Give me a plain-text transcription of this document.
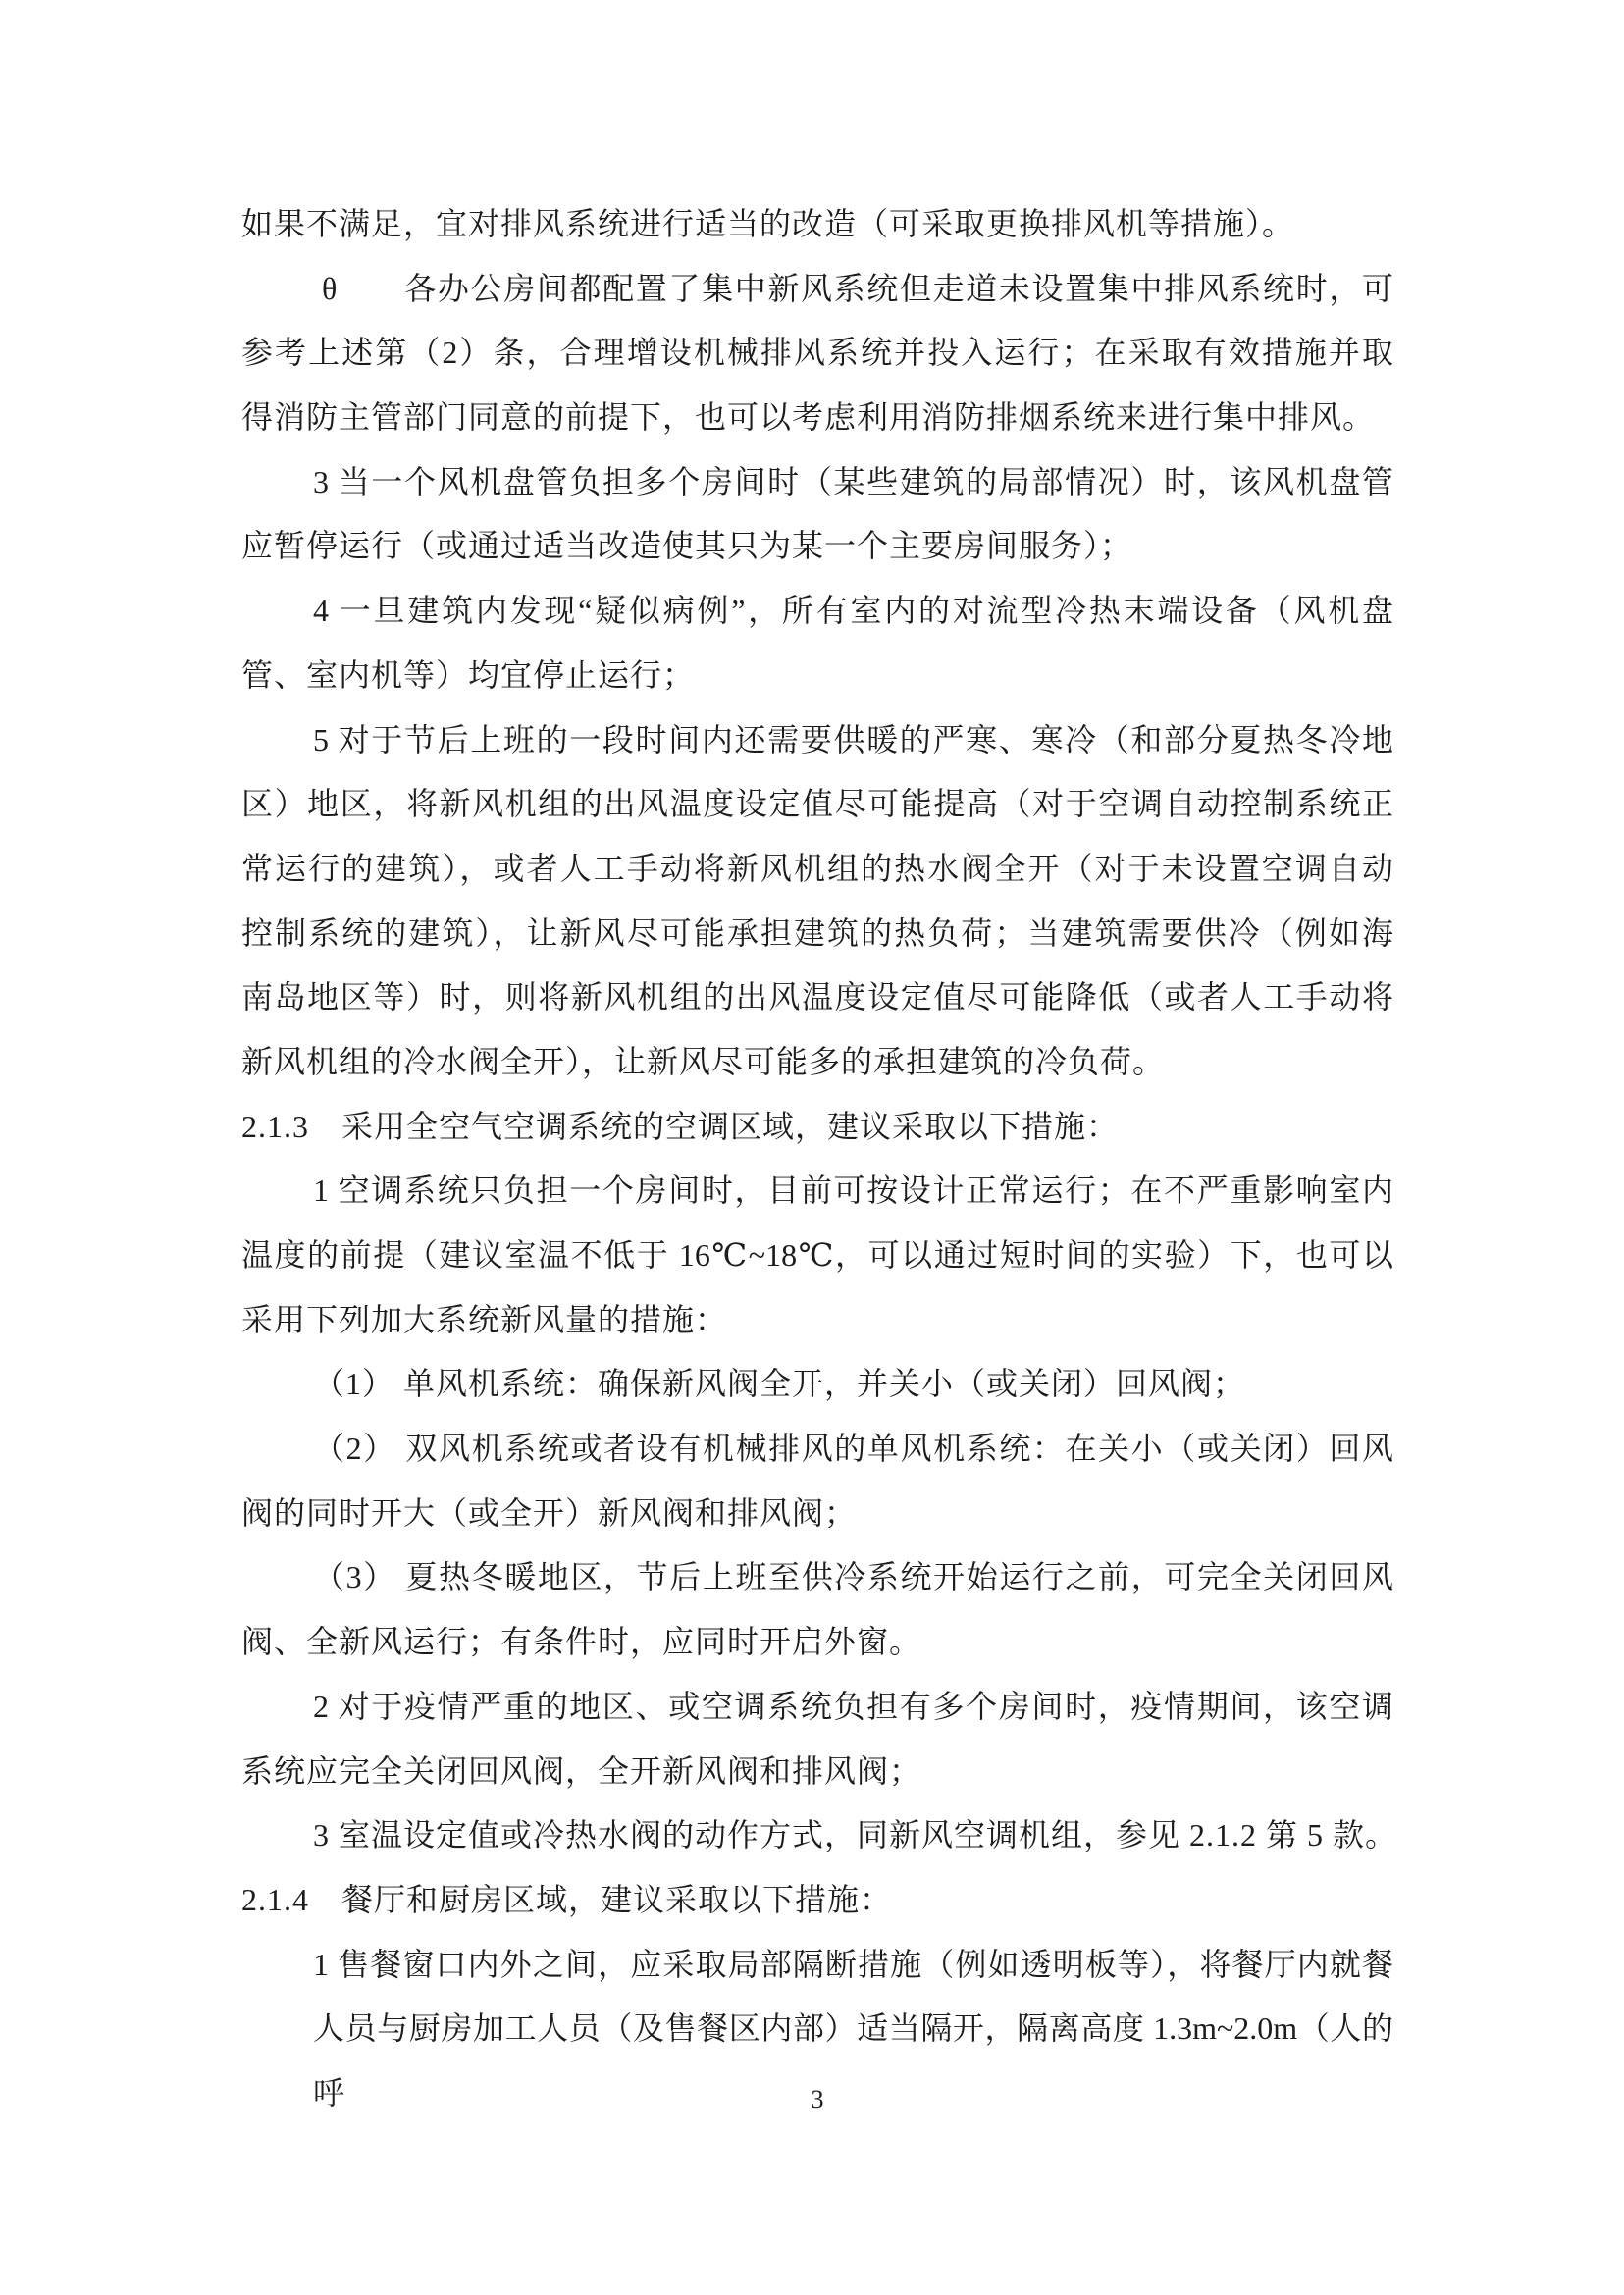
如果不满足，宜对排风系统进行适当的改造（可采取更换排风机等措施）。
θ　　各办公房间都配置了集中新风系统但走道未设置集中排风系统时，可
参考上述第（2）条，合理增设机械排风系统并投入运行；在采取有效措施并取
得消防主管部门同意的前提下，也可以考虑利用消防排烟系统来进行集中排风。
3 当一个风机盘管负担多个房间时（某些建筑的局部情况）时，该风机盘管
应暂停运行（或通过适当改造使其只为某一个主要房间服务）；
4 一旦建筑内发现“疑似病例”，所有室内的对流型冷热末端设备（风机盘
管、室内机等）均宜停止运行；
5 对于节后上班的一段时间内还需要供暖的严寒、寒冷（和部分夏热冬冷地
区）地区，将新风机组的出风温度设定值尽可能提高（对于空调自动控制系统正
常运行的建筑），或者人工手动将新风机组的热水阀全开（对于未设置空调自动
控制系统的建筑），让新风尽可能承担建筑的热负荷；当建筑需要供冷（例如海
南岛地区等）时，则将新风机组的出风温度设定值尽可能降低（或者人工手动将
新风机组的冷水阀全开），让新风尽可能多的承担建筑的冷负荷。
2.1.3　采用全空气空调系统的空调区域，建议采取以下措施：
1 空调系统只负担一个房间时，目前可按设计正常运行；在不严重影响室内
温度的前提（建议室温不低于 16℃~18℃，可以通过短时间的实验）下，也可以
采用下列加大系统新风量的措施：
（1） 单风机系统：确保新风阀全开，并关小（或关闭）回风阀；
（2） 双风机系统或者设有机械排风的单风机系统：在关小（或关闭）回风
阀的同时开大（或全开）新风阀和排风阀；
（3） 夏热冬暖地区，节后上班至供冷系统开始运行之前，可完全关闭回风
阀、全新风运行；有条件时，应同时开启外窗。
2 对于疫情严重的地区、或空调系统负担有多个房间时，疫情期间，该空调
系统应完全关闭回风阀，全开新风阀和排风阀；
3 室温设定值或冷热水阀的动作方式，同新风空调机组，参见 2.1.2 第 5 款。
2.1.4　餐厅和厨房区域，建议采取以下措施：
1 售餐窗口内外之间，应采取局部隔断措施（例如透明板等），将餐厅内就餐
人员与厨房加工人员（及售餐区内部）适当隔开，隔离高度 1.3m~2.0m（人的呼	3
